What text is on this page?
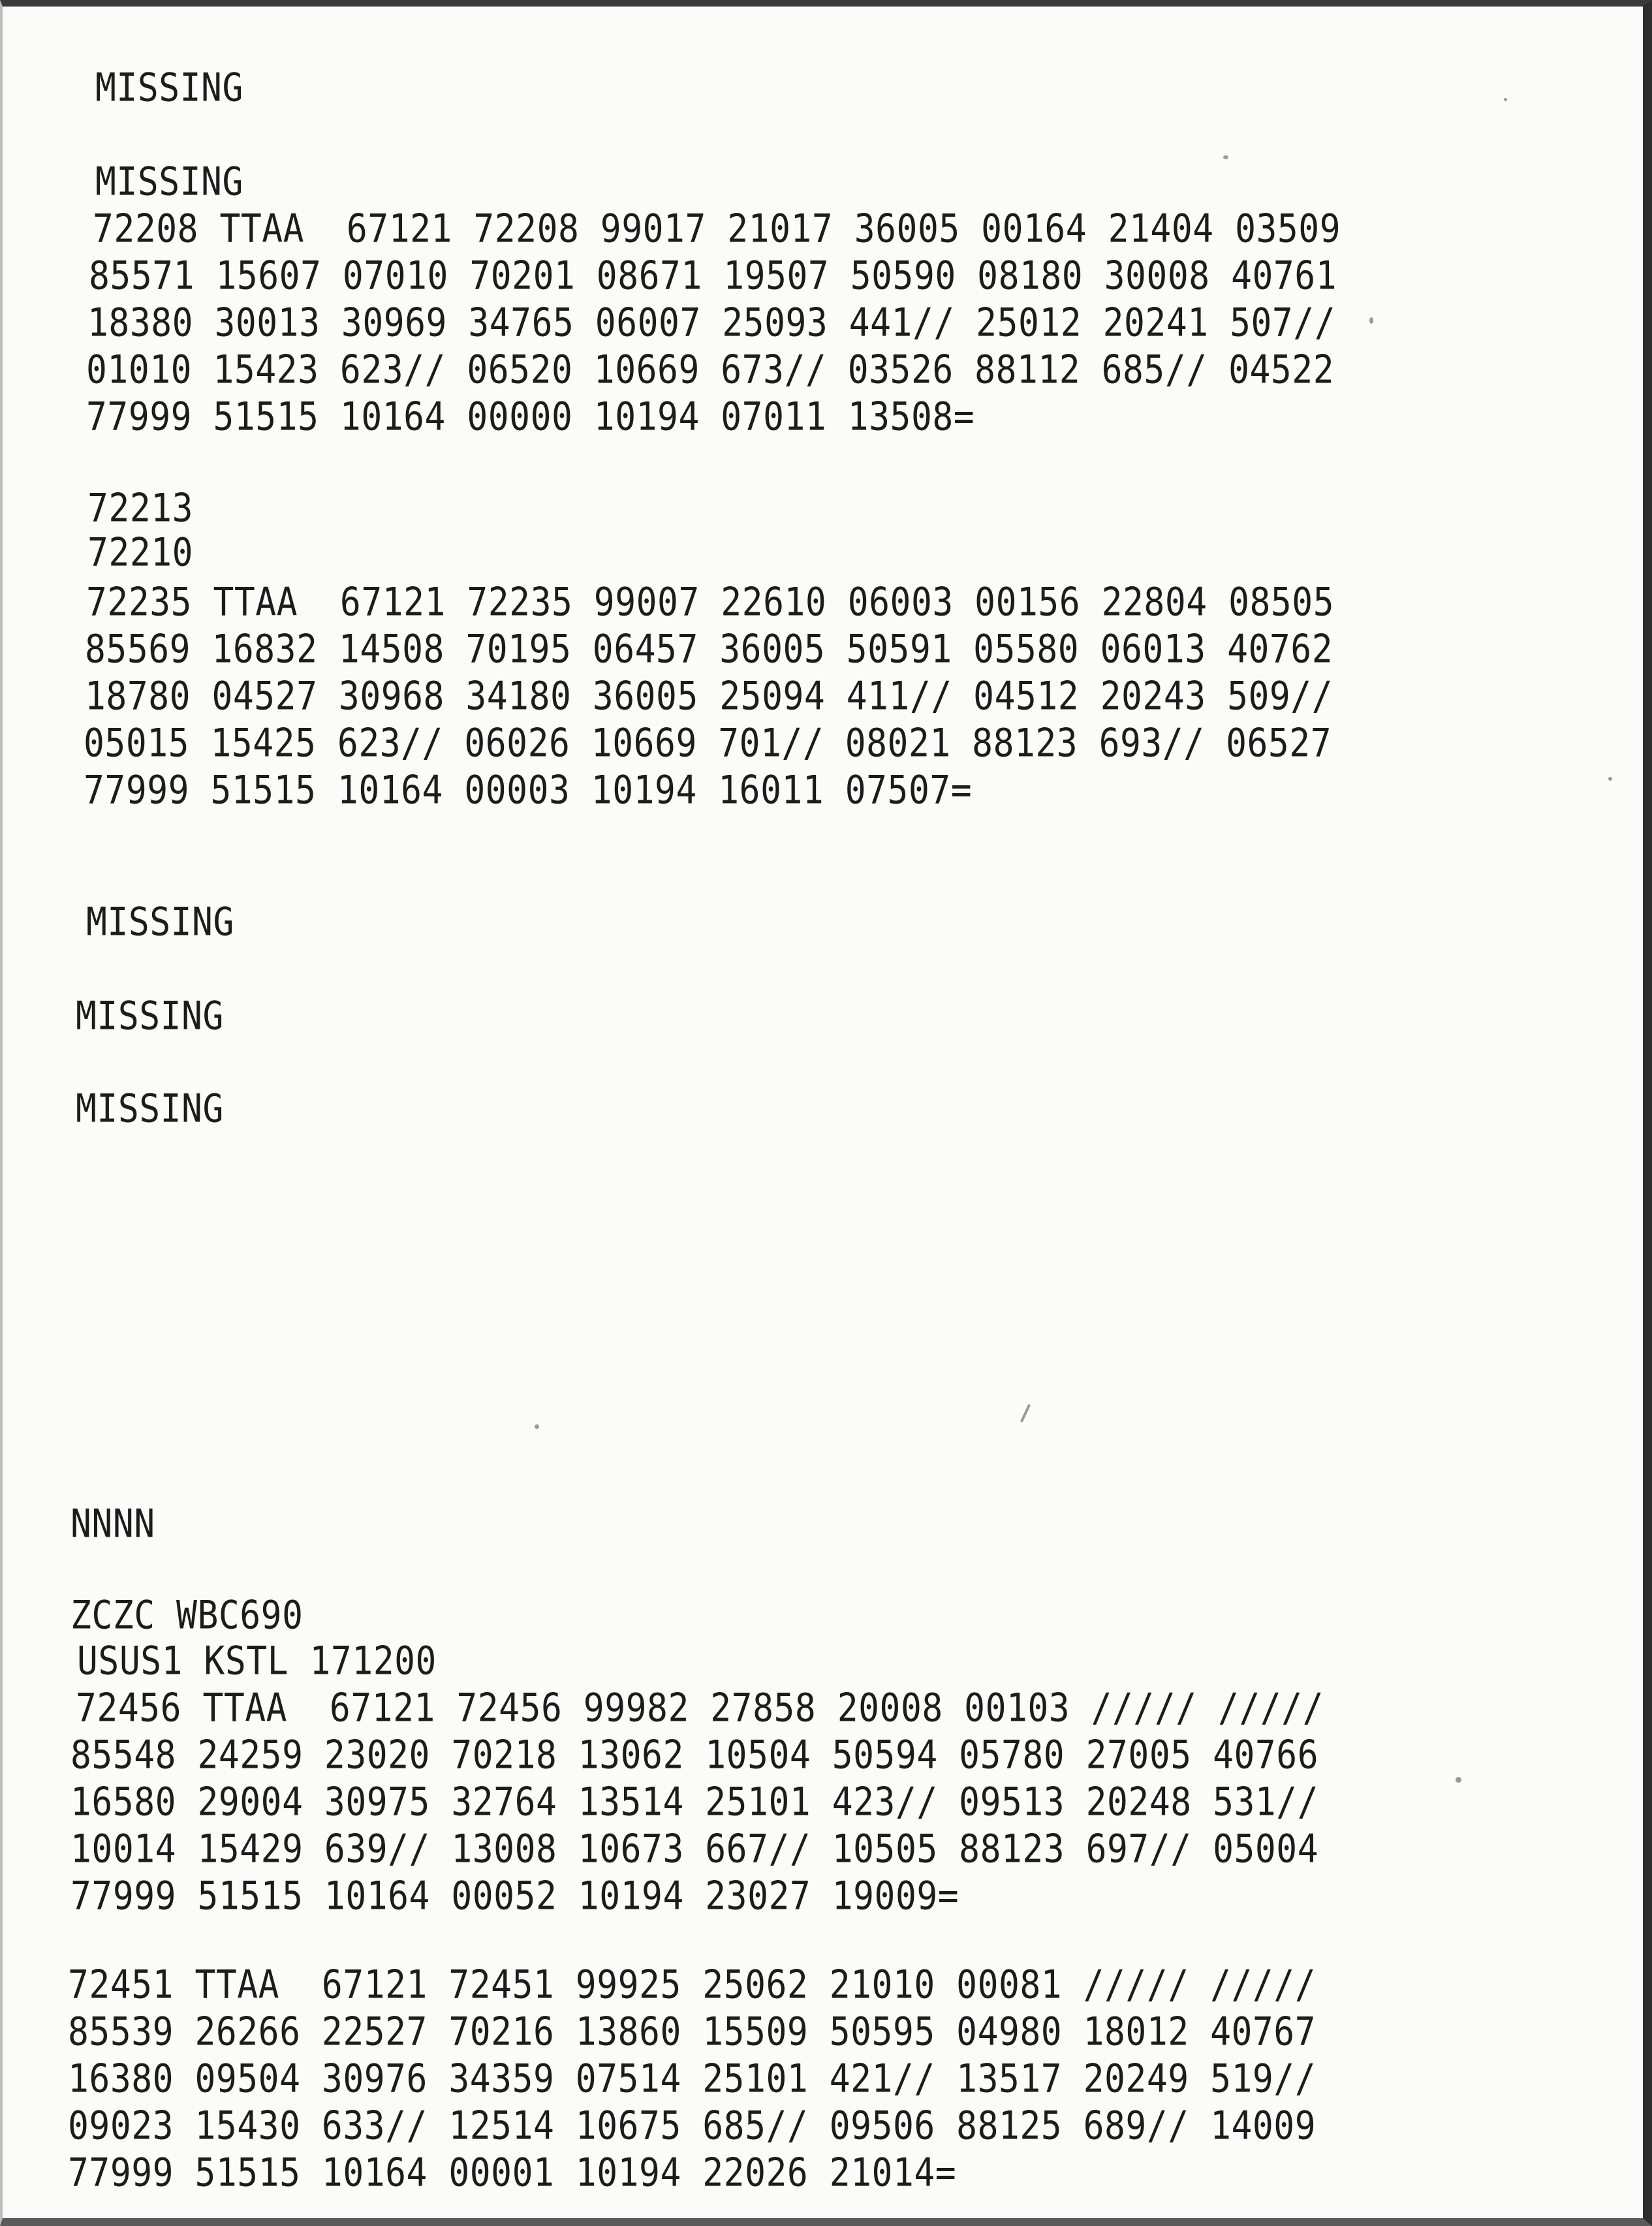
MISSING
MISSING
72208 TTAA  67121 72208 99017 21017 36005 00164 21404 03509
85571 15607 07010 70201 08671 19507 50590 08180 30008 40761
18380 30013 30969 34765 06007 25093 441// 25012 20241 507//
01010 15423 623// 06520 10669 673// 03526 88112 685// 04522
77999 51515 10164 00000 10194 07011 13508=
72213
72210
72235 TTAA  67121 72235 99007 22610 06003 00156 22804 08505
85569 16832 14508 70195 06457 36005 50591 05580 06013 40762
18780 04527 30968 34180 36005 25094 411// 04512 20243 509//
05015 15425 623// 06026 10669 701// 08021 88123 693// 06527
77999 51515 10164 00003 10194 16011 07507=
MISSING
MISSING
MISSING
NNNN
ZCZC WBC690
USUS1 KSTL 171200
72456 TTAA  67121 72456 99982 27858 20008 00103 ///// /////
85548 24259 23020 70218 13062 10504 50594 05780 27005 40766
16580 29004 30975 32764 13514 25101 423// 09513 20248 531//
10014 15429 639// 13008 10673 667// 10505 88123 697// 05004
77999 51515 10164 00052 10194 23027 19009=
72451 TTAA  67121 72451 99925 25062 21010 00081 ///// /////
85539 26266 22527 70216 13860 15509 50595 04980 18012 40767
16380 09504 30976 34359 07514 25101 421// 13517 20249 519//
09023 15430 633// 12514 10675 685// 09506 88125 689// 14009
77999 51515 10164 00001 10194 22026 21014=
